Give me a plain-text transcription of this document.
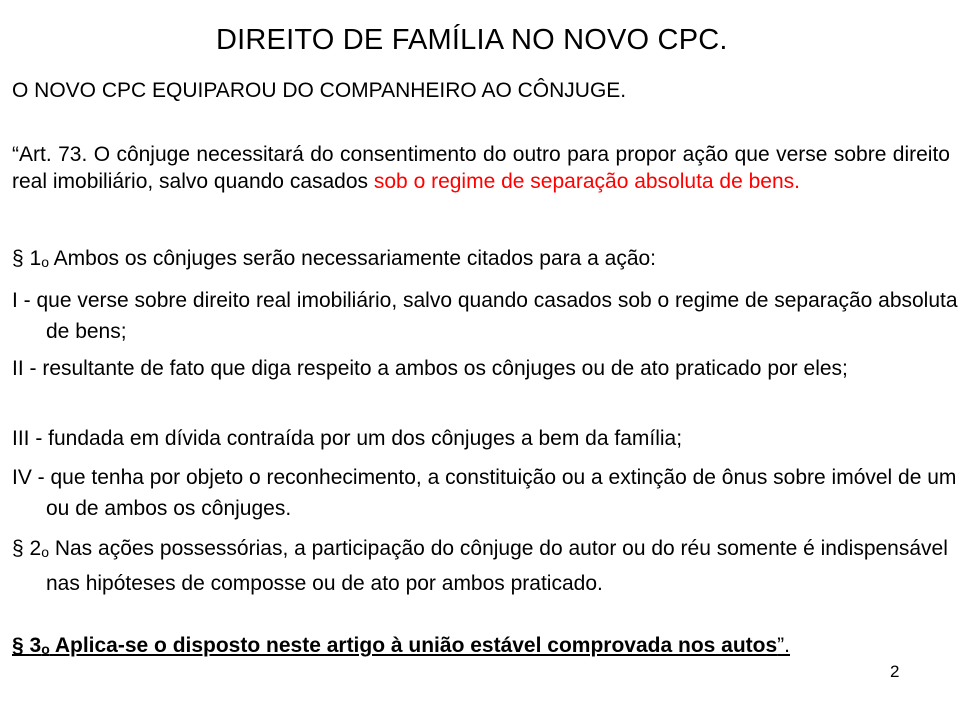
DIREITO DE FAMÍLIA NO NOVO CPC.
O NOVO CPC EQUIPAROU DO COMPANHEIRO AO CÔNJUGE.
“Art. 73. O cônjuge necessitará do consentimento do outro para propor ação que verse sobre direito real imobiliário, salvo quando casados sob o regime de separação absoluta de bens.
§ $1_o$ Ambos os cônjuges serão necessariamente citados para a ação:
I - que verse sobre direito real imobiliário, salvo quando casados sob o regime de separação absoluta de bens;
II - resultante de fato que diga respeito a ambos os cônjuges ou de ato praticado por eles;
III - fundada em dívida contraída por um dos cônjuges a bem da família;
IV - que tenha por objeto o reconhecimento, a constituição ou a extinção de ônus sobre imóvel de um ou de ambos os cônjuges.
§ $2_o$ Nas ações possessórias, a participação do cônjuge do autor ou do réu somente é indispensável nas hipóteses de composse ou de ato por ambos praticado.
§ $3_o$ Aplica-se o disposto neste artigo à união estável comprovada nos autos”.
2
